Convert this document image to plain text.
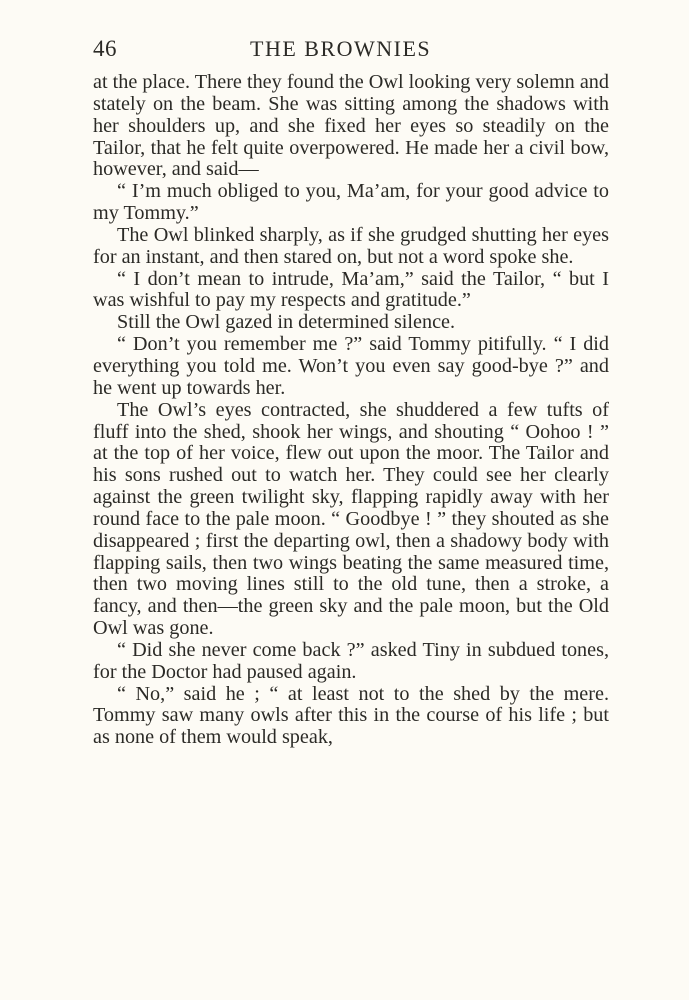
46	THE BROWNIES

at the place. There they found the Owl looking very solemn and stately on the beam. She was sitting among the shadows with her shoulders up, and she fixed her eyes so steadily on the Tailor, that he felt quite overpowered. He made her a civil bow, however, and said—

“ I’m much obliged to you, Ma’am, for your good advice to my Tommy.”

The Owl blinked sharply, as if she grudged shutting her eyes for an instant, and then stared on, but not a word spoke she.

“ I don’t mean to intrude, Ma’am,” said the Tailor, “ but I was wishful to pay my respects and gratitude.”

Still the Owl gazed in determined silence.

“ Don’t you remember me ?” said Tommy pitifully. “ I did everything you told me. Won’t you even say good-bye ?” and he went up towards her.

The Owl’s eyes contracted, she shuddered a few tufts of fluff into the shed, shook her wings, and shouting “ Oohoo ! ” at the top of her voice, flew out upon the moor. The Tailor and his sons rushed out to watch her. They could see her clearly against the green twilight sky, flapping rapidly away with her round face to the pale moon. “ Goodbye ! ” they shouted as she disappeared ; first the departing owl, then a shadowy body with flapping sails, then two wings beating the same measured time, then two moving lines still to the old tune, then a stroke, a fancy, and then—the green sky and the pale moon, but the Old Owl was gone.

“ Did she never come back ?” asked Tiny in subdued tones, for the Doctor had paused again.

“ No,” said he ; “ at least not to the shed by the mere. Tommy saw many owls after this in the course of his life ; but as none of them would speak,
